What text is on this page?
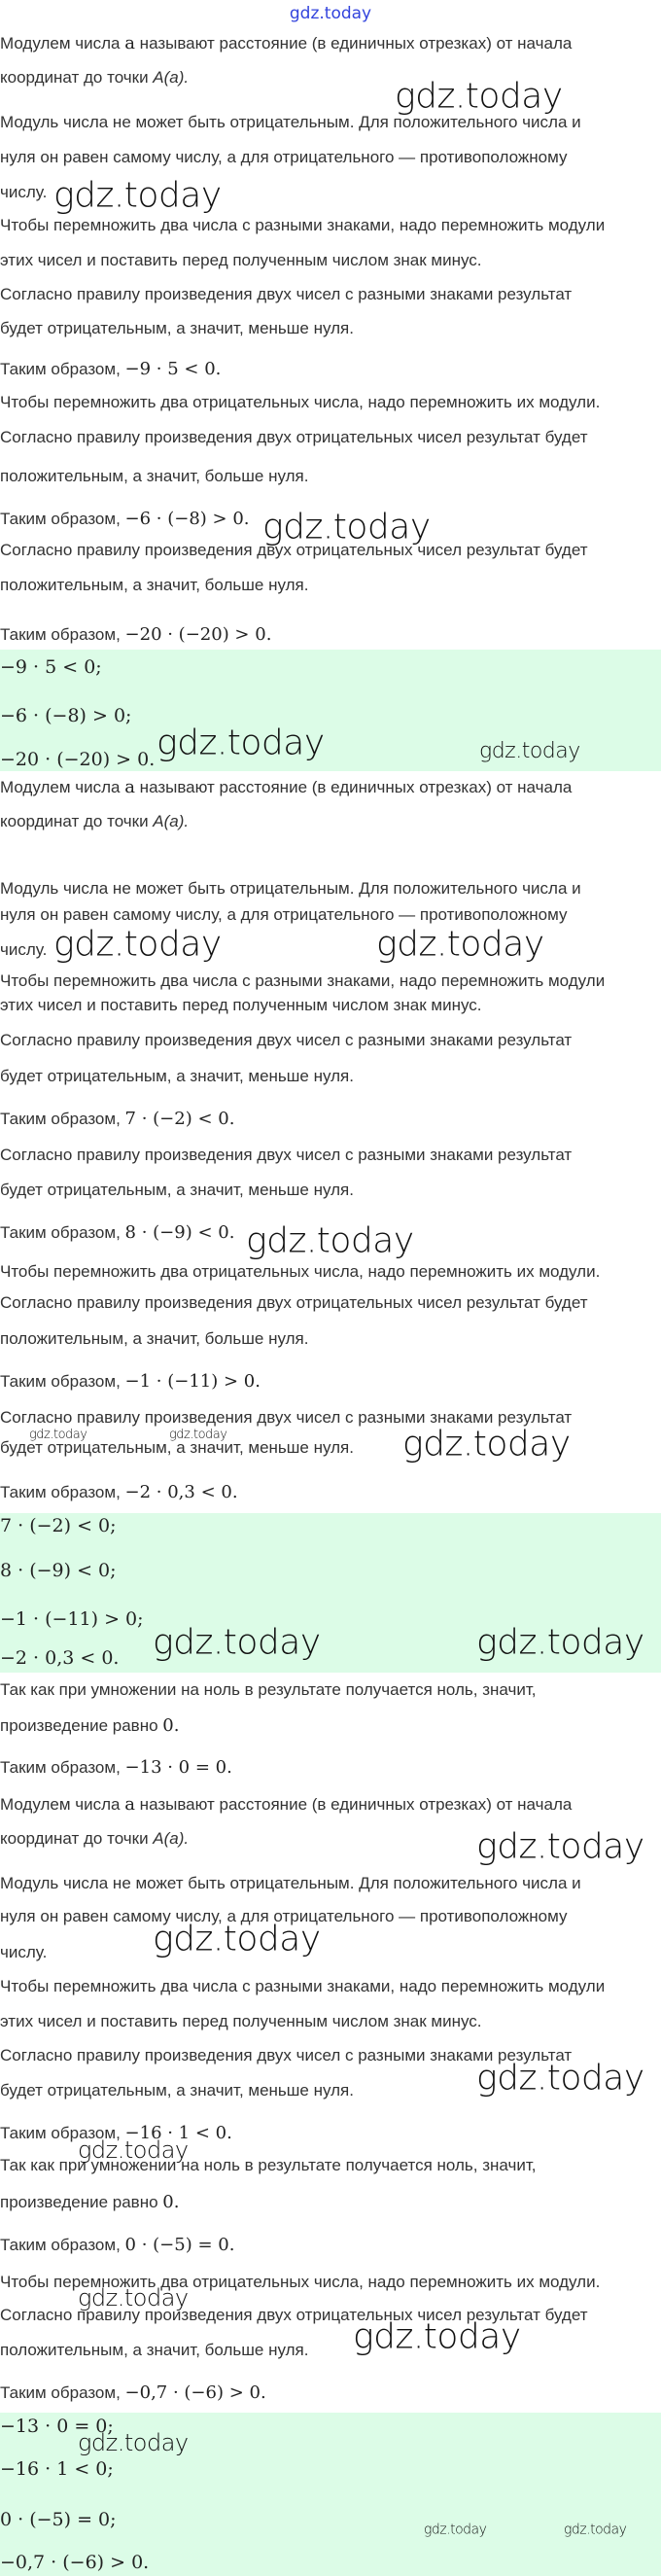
gdz.today
Модулем числа a называют расстояние (в единичных отрезках) от начала
координат до точки A(a).
Модуль числа не может быть отрицательным. Для положительного числа и
нуля он равен самому числу, а для отрицательного — противоположному
числу.
Чтобы перемножить два числа с разными знаками, надо перемножить модули
этих чисел и поставить перед полученным числом знак минус.
Согласно правилу произведения двух чисел с разными знаками результат
будет отрицательным, а значит, меньше нуля.
Таким образом, −9 · 5 < 0.
Чтобы перемножить два отрицательных числа, надо перемножить их модули.
Согласно правилу произведения двух отрицательных чисел результат будет
положительным, а значит, больше нуля.
Таким образом, −6 · (−8) > 0.
Согласно правилу произведения двух отрицательных чисел результат будет
положительным, а значит, больше нуля.
Таким образом, −20 · (−20) > 0.
−9 · 5 < 0;
−6 · (−8) > 0;
−20 · (−20) > 0.
Модулем числа a называют расстояние (в единичных отрезках) от начала
координат до точки A(a).
Модуль числа не может быть отрицательным. Для положительного числа и
нуля он равен самому числу, а для отрицательного — противоположному
числу.
Чтобы перемножить два числа с разными знаками, надо перемножить модули
этих чисел и поставить перед полученным числом знак минус.
Согласно правилу произведения двух чисел с разными знаками результат
будет отрицательным, а значит, меньше нуля.
Таким образом, 7 · (−2) < 0.
Согласно правилу произведения двух чисел с разными знаками результат
будет отрицательным, а значит, меньше нуля.
Таким образом, 8 · (−9) < 0.
Чтобы перемножить два отрицательных числа, надо перемножить их модули.
Согласно правилу произведения двух отрицательных чисел результат будет
положительным, а значит, больше нуля.
Таким образом, −1 · (−11) > 0.
Согласно правилу произведения двух чисел с разными знаками результат
будет отрицательным, а значит, меньше нуля.
Таким образом, −2 · 0,3 < 0.
7 · (−2) < 0;
8 · (−9) < 0;
−1 · (−11) > 0;
−2 · 0,3 < 0.
Так как при умножении на ноль в результате получается ноль, значит,
произведение равно 0.
Таким образом, −13 · 0 = 0.
Модулем числа a называют расстояние (в единичных отрезках) от начала
координат до точки A(a).
Модуль числа не может быть отрицательным. Для положительного числа и
нуля он равен самому числу, а для отрицательного — противоположному
числу.
Чтобы перемножить два числа с разными знаками, надо перемножить модули
этих чисел и поставить перед полученным числом знак минус.
Согласно правилу произведения двух чисел с разными знаками результат
будет отрицательным, а значит, меньше нуля.
Таким образом, −16 · 1 < 0.
Так как при умножении на ноль в результате получается ноль, значит,
произведение равно 0.
Таким образом, 0 · (−5) = 0.
Чтобы перемножить два отрицательных числа, надо перемножить их модули.
Согласно правилу произведения двух отрицательных чисел результат будет
положительным, а значит, больше нуля.
Таким образом, −0,7 · (−6) > 0.
−13 · 0 = 0;
−16 · 1 < 0;
0 · (−5) = 0;
−0,7 · (−6) > 0.
gdz.today
gdz.today
gdz.today
gdz.today	gdz.today
gdz.today	gdz.today
gdz.today
gdz.today	gdz.today	gdz.today
gdz.today	gdz.today
gdz.today
gdz.today
gdz.today
gdz.today
gdz.today
gdz.today
gdz.today
gdz.today	gdz.today
